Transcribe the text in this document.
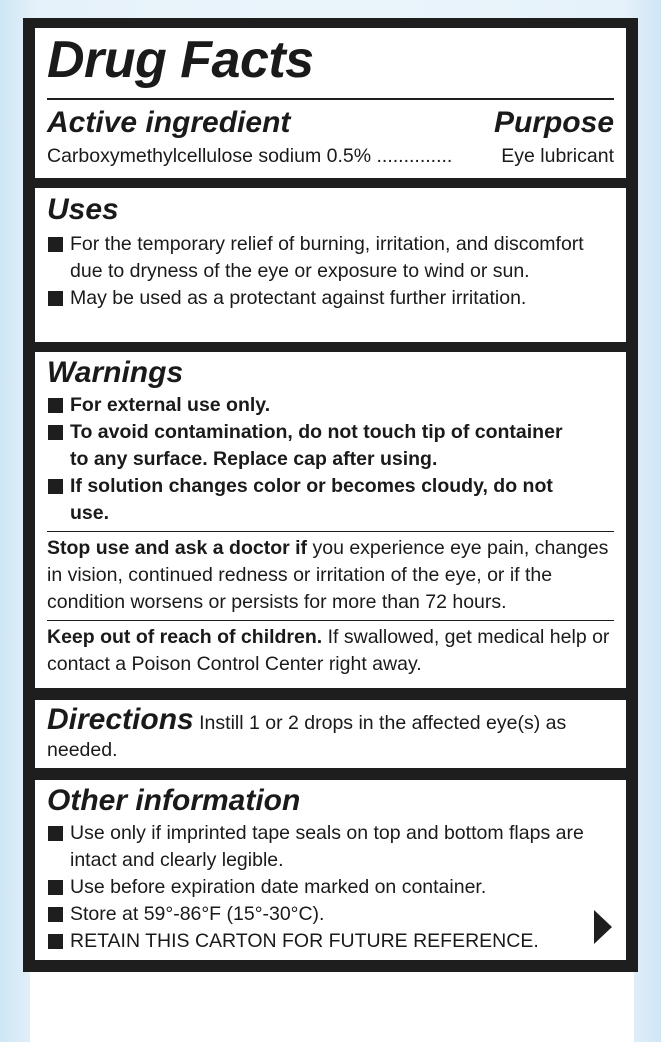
Drug Facts
Active ingredient	Purpose
Carboxymethylcellulose sodium 0.5% ..............	Eye lubricant
Uses
For the temporary relief of burning, irritation, and discomfort due to dryness of the eye or exposure to wind or sun.
May be used as a protectant against further irritation.
Warnings
For external use only.
To avoid contamination, do not touch tip of container to any surface. Replace cap after using.
If solution changes color or becomes cloudy, do not use.

Stop use and ask a doctor if you experience eye pain, changes in vision, continued redness or irritation of the eye, or if the condition worsens or persists for more than 72 hours.

Keep out of reach of children. If swallowed, get medical help or contact a Poison Control Center right away.

Directions Instill 1 or 2 drops in the affected eye(s) as needed.

Other information
Use only if imprinted tape seals on top and bottom flaps are intact and clearly legible.
Use before expiration date marked on container.
Store at 59°-86°F (15°-30°C).
RETAIN THIS CARTON FOR FUTURE REFERENCE.
